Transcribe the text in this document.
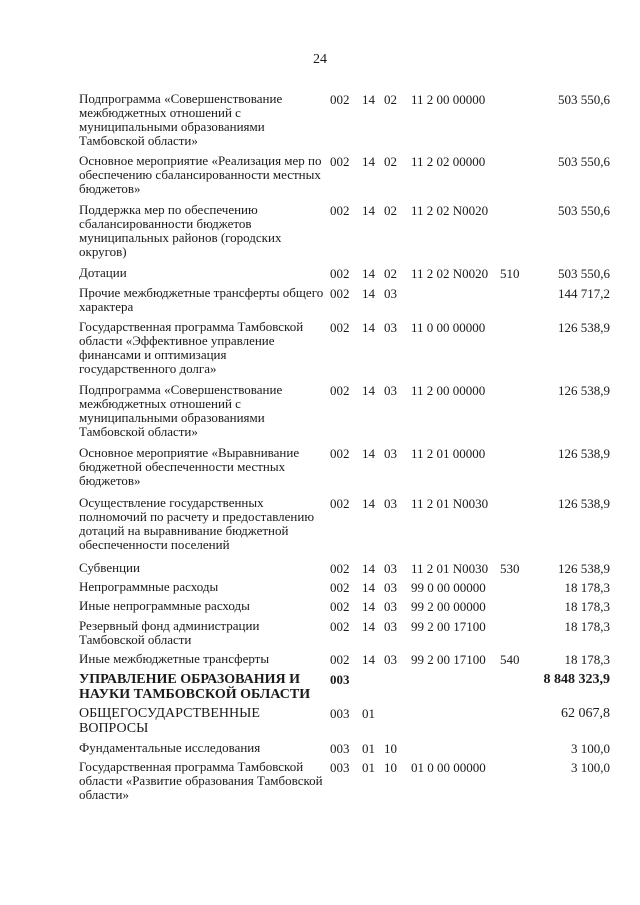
24
Подпрограмма «Совершенствование межбюджетных отношений с муниципальными образованиями Тамбовской области»
002 14 02 11 2 00 00000	503 550,6
Основное мероприятие «Реализация мер по обеспечению сбалансированности местных бюджетов»
002 14 02 11 2 02 00000	503 550,6
Поддержка мер по обеспечению сбалансированности бюджетов муниципальных районов (городских округов)
002 14 02 11 2 02 N0020	503 550,6
Дотации	002 14 02 11 2 02 N0020 510	503 550,6
Прочие межбюджетные трансферты общего характера
002 14 03	144 717,2
Государственная программа Тамбовской области «Эффективное управление финансами и оптимизация государственного долга»
002 14 03 11 0 00 00000	126 538,9
Подпрограмма «Совершенствование межбюджетных отношений с муниципальными образованиями Тамбовской области»
002 14 03 11 2 00 00000	126 538,9
Основное мероприятие «Выравнивание бюджетной обеспеченности местных бюджетов»
002 14 03 11 2 01 00000	126 538,9
Осуществление государственных полномочий по расчету и предоставлению дотаций на выравнивание бюджетной обеспеченности поселений
002 14 03 11 2 01 N0030	126 538,9
Субвенции	002 14 03 11 2 01 N0030 530	126 538,9
Непрограммные расходы	002 14 03 99 0 00 00000	18 178,3
Иные непрограммные расходы	002 14 03 99 2 00 00000	18 178,3
Резервный фонд администрации Тамбовской области
002 14 03 99 2 00 17100	18 178,3
Иные межбюджетные трансферты	002 14 03 99 2 00 17100 540	18 178,3
УПРАВЛЕНИЕ ОБРАЗОВАНИЯ И НАУКИ ТАМБОВСКОЙ ОБЛАСТИ
003	8 848 323,9
ОБЩЕГОСУДАРСТВЕННЫЕ ВОПРОСЫ
003 01	62 067,8
Фундаментальные исследования	003 01 10	3 100,0
Государственная программа Тамбовской области «Развитие образования Тамбовской области»
003 01 10 01 0 00 00000	3 100,0
